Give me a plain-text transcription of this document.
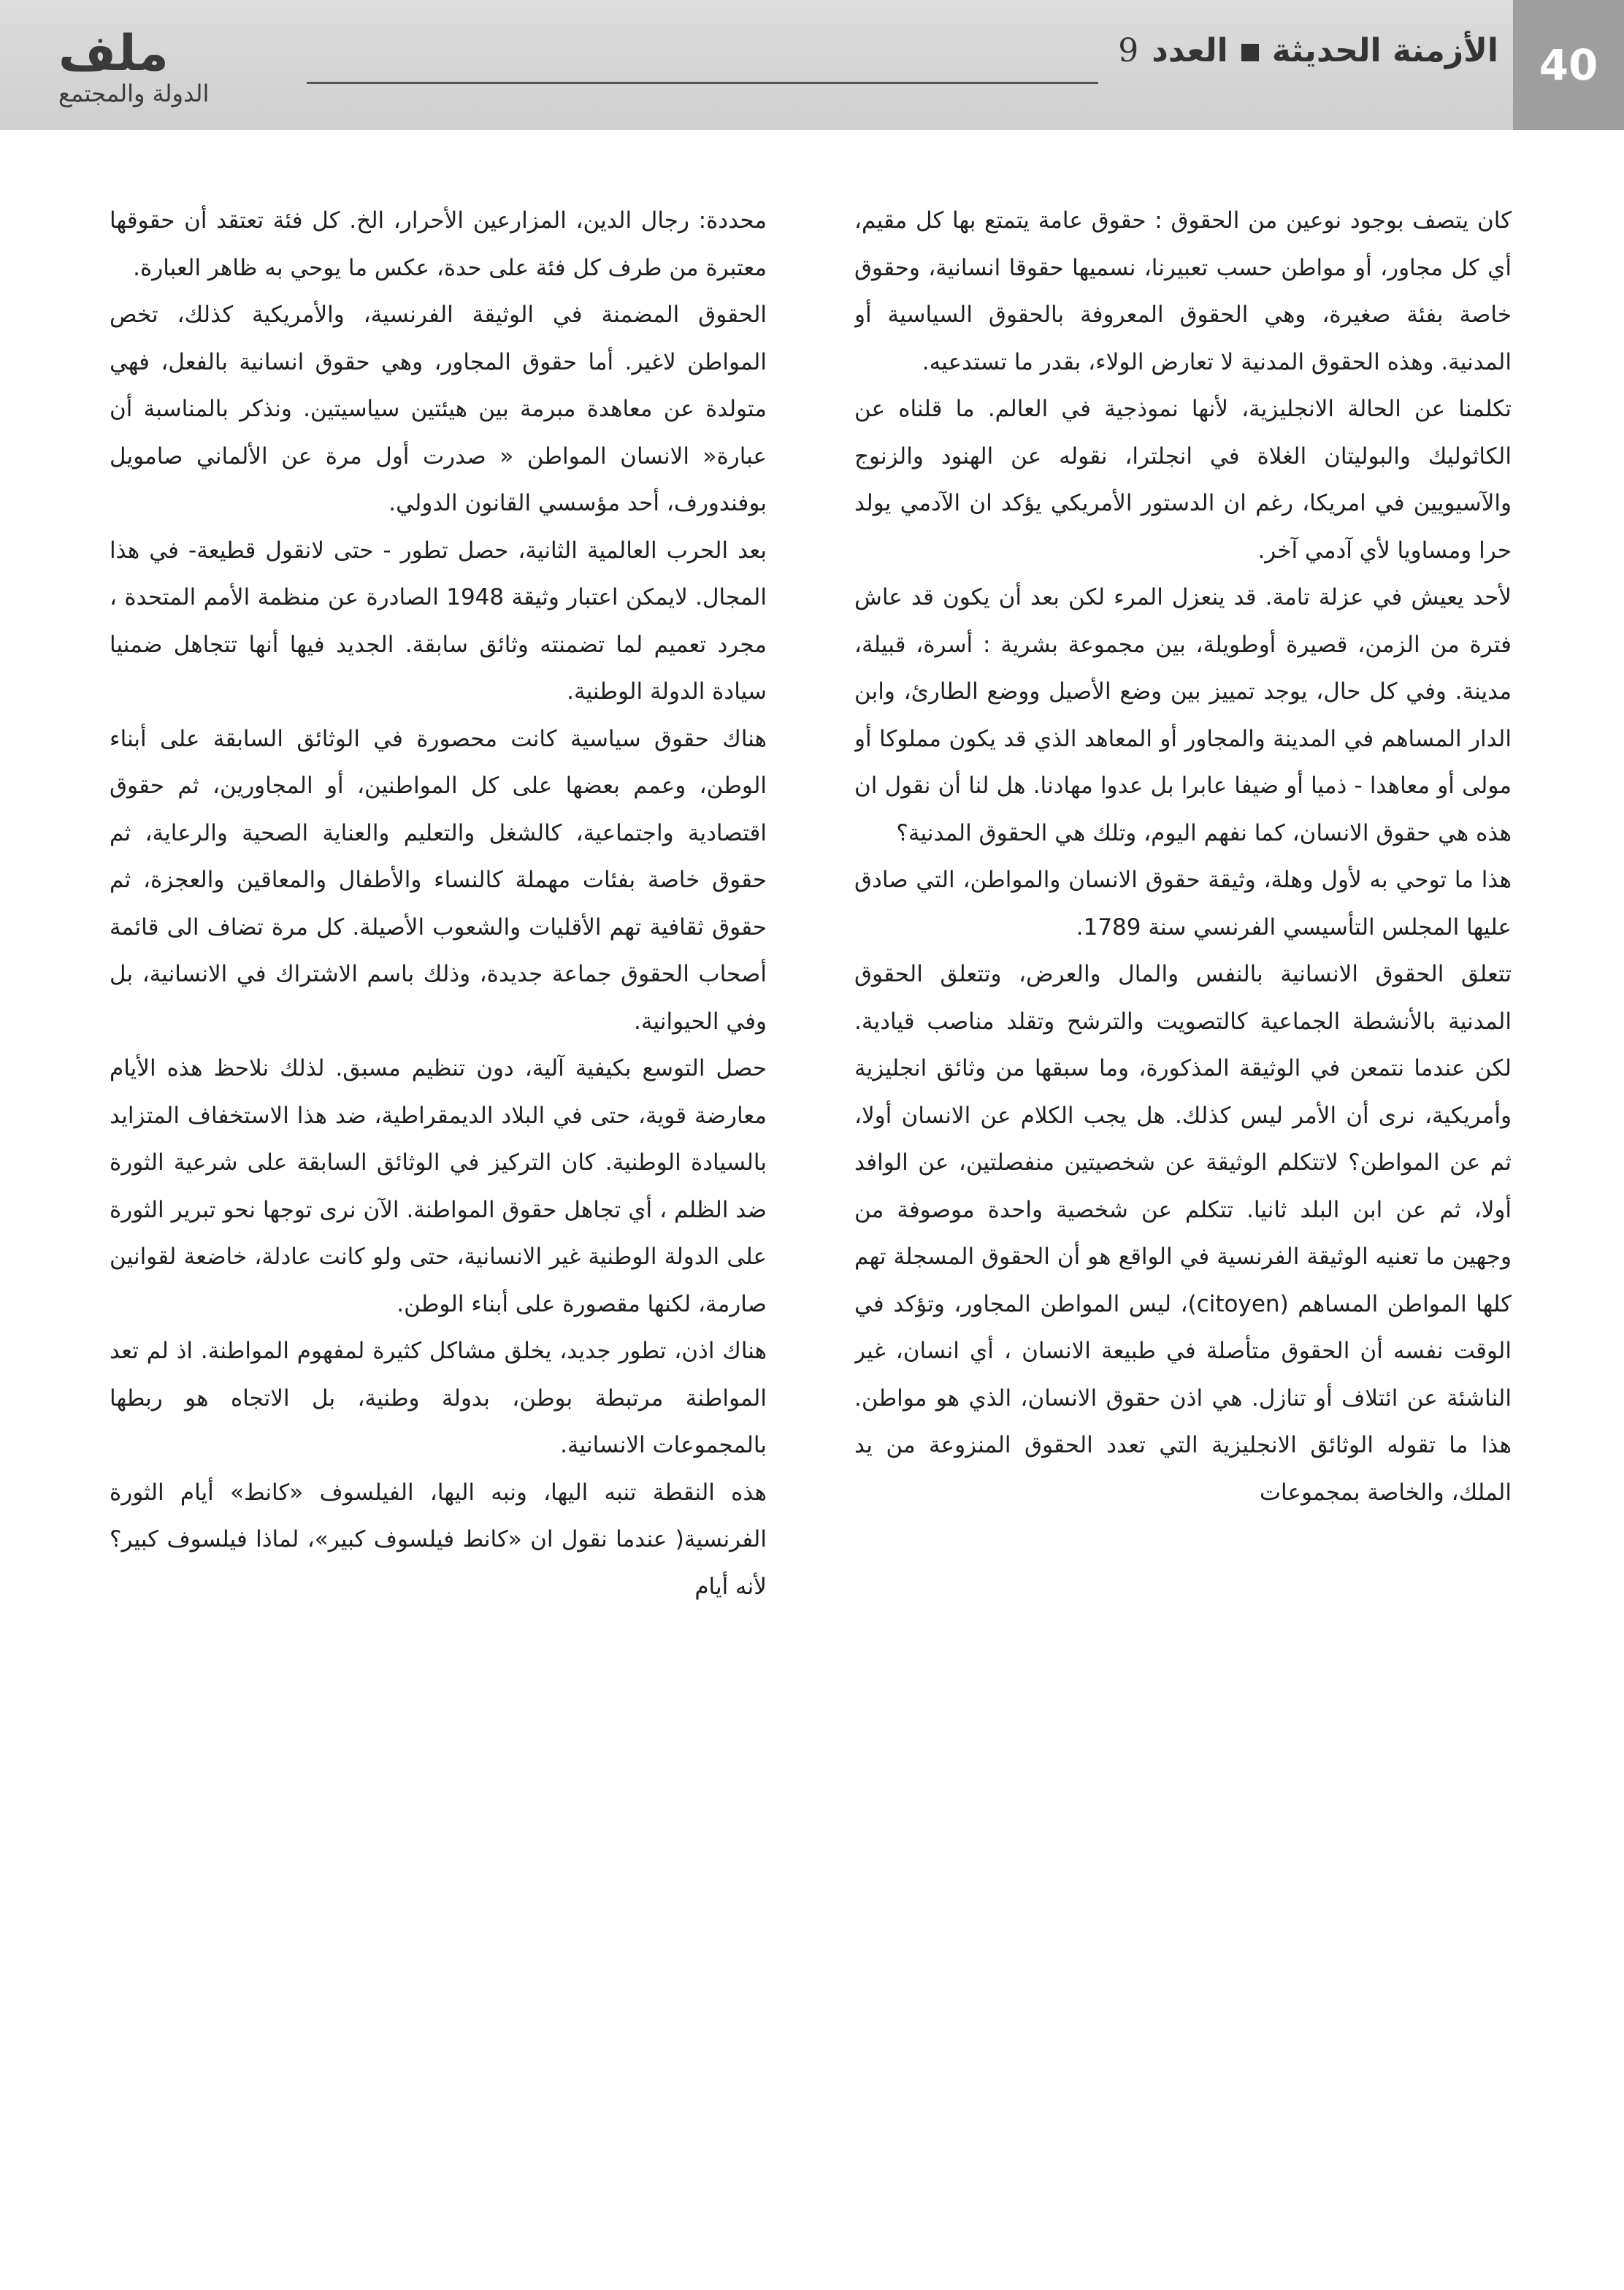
40
الأزمنة الحديثة
العدد
9
ملف
الدولة والمجتمع

كان يتصف بوجود نوعين من الحقوق : حقوق عامة يتمتع بها كل مقيم، أي كل مجاور، أو مواطن حسب تعبيرنا، نسميها حقوقا انسانية، وحقوق خاصة بفئة صغيرة، وهي الحقوق المعروفة بالحقوق السياسية أو المدنية. وهذه الحقوق المدنية لا تعارض الولاء، بقدر ما تستدعيه.

تكلمنا عن الحالة الانجليزية، لأنها نموذجية في العالم. ما قلناه عن الكاثوليك والبوليتان الغلاة في انجلترا، نقوله عن الهنود والزنوج والآسيويين في امريكا، رغم ان الدستور الأمريكي يؤكد ان الآدمي يولد حرا ومساويا لأي آدمي آخر.

لأحد يعيش في عزلة تامة. قد ينعزل المرء لكن بعد أن يكون قد عاش فترة من الزمن، قصيرة أوطويلة، بين مجموعة بشرية : أسرة، قبيلة، مدينة. وفي كل حال، يوجد تمييز بين وضع الأصيل ووضع الطارئ، وابن الدار المساهم في المدينة والمجاور أو المعاهد الذي قد يكون مملوكا أو مولى أو معاهدا - ذميا أو ضيفا عابرا بل عدوا مهادنا. هل لنا أن نقول ان هذه هي حقوق الانسان، كما نفهم اليوم، وتلك هي الحقوق المدنية؟

هذا ما توحي به لأول وهلة، وثيقة حقوق الانسان والمواطن، التي صادق عليها المجلس التأسيسي الفرنسي سنة 1789.

تتعلق الحقوق الانسانية بالنفس والمال والعرض، وتتعلق الحقوق المدنية بالأنشطة الجماعية كالتصويت والترشح وتقلد مناصب قيادية. لكن عندما نتمعن في الوثيقة المذكورة، وما سبقها من وثائق انجليزية وأمريكية، نرى أن الأمر ليس كذلك. هل يجب الكلام عن الانسان أولا، ثم عن المواطن؟ لاتتكلم الوثيقة عن شخصيتين منفصلتين، عن الوافد أولا، ثم عن ابن البلد ثانيا. تتكلم عن شخصية واحدة موصوفة من وجهين ما تعنيه الوثيقة الفرنسية في الواقع هو أن الحقوق المسجلة تهم كلها المواطن المساهم (citoyen)، ليس المواطن المجاور، وتؤكد في الوقت نفسه أن الحقوق متأصلة في طبيعة الانسان ، أي انسان، غير الناشئة عن ائتلاف أو تنازل. هي اذن حقوق الانسان، الذي هو مواطن. هذا ما تقوله الوثائق الانجليزية التي تعدد الحقوق المنزوعة من يد الملك، والخاصة بمجموعات

محددة: رجال الدين، المزارعين الأحرار، الخ. كل فئة تعتقد أن حقوقها معتبرة من طرف كل فئة على حدة، عكس ما يوحي به ظاهر العبارة.

الحقوق المضمنة في الوثيقة الفرنسية، والأمريكية كذلك، تخص المواطن لاغير. أما حقوق المجاور، وهي حقوق انسانية بالفعل، فهي متولدة عن معاهدة مبرمة بين هيئتين سياسيتين. ونذكر بالمناسبة أن عبارة« الانسان المواطن « صدرت أول مرة عن الألماني صامويل بوفندورف، أحد مؤسسي القانون الدولي.

بعد الحرب العالمية الثانية، حصل تطور - حتى لانقول قطيعة- في هذا المجال. لايمكن اعتبار وثيقة 1948 الصادرة عن منظمة الأمم المتحدة ، مجرد تعميم لما تضمنته وثائق سابقة. الجديد فيها أنها تتجاهل ضمنيا سيادة الدولة الوطنية.

هناك حقوق سياسية كانت محصورة في الوثائق السابقة على أبناء الوطن، وعمم بعضها على كل المواطنين، أو المجاورين، ثم حقوق اقتصادية واجتماعية، كالشغل والتعليم والعناية الصحية والرعاية، ثم حقوق خاصة بفئات مهملة كالنساء والأطفال والمعاقين والعجزة، ثم حقوق ثقافية تهم الأقليات والشعوب الأصيلة. كل مرة تضاف الى قائمة أصحاب الحقوق جماعة جديدة، وذلك باسم الاشتراك في الانسانية، بل وفي الحيوانية.

حصل التوسع بكيفية آلية، دون تنظيم مسبق. لذلك نلاحظ هذه الأيام معارضة قوية، حتى في البلاد الديمقراطية، ضد هذا الاستخفاف المتزايد بالسيادة الوطنية. كان التركيز في الوثائق السابقة على شرعية الثورة ضد الظلم ، أي تجاهل حقوق المواطنة. الآن نرى توجها نحو تبرير الثورة على الدولة الوطنية غير الانسانية، حتى ولو كانت عادلة، خاضعة لقوانين صارمة، لكنها مقصورة على أبناء الوطن.

هناك اذن، تطور جديد، يخلق مشاكل كثيرة لمفهوم المواطنة. اذ لم تعد المواطنة مرتبطة بوطن، بدولة وطنية، بل الاتجاه هو ربطها بالمجموعات الانسانية.

هذه النقطة تنبه اليها، ونبه اليها، الفيلسوف «كانط» أيام الثورة الفرنسية( عندما نقول ان «كانط فيلسوف كبير»، لماذا فيلسوف كبير؟ لأنه أيام
